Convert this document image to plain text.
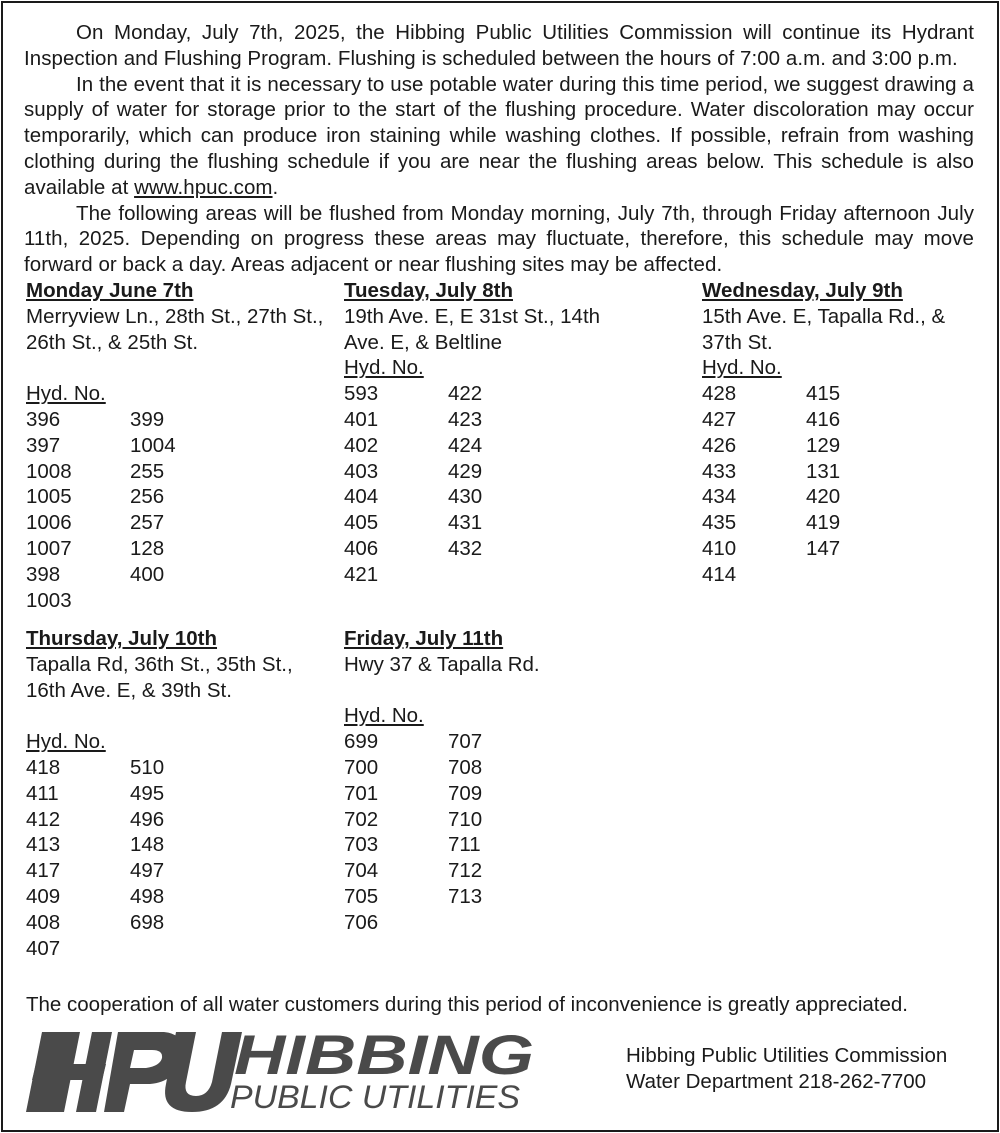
On Monday, July 7th, 2025, the Hibbing Public Utilities Commission will continue its Hydrant Inspection and Flushing Program. Flushing is scheduled between the hours of 7:00 a.m. and 3:00 p.m.

In the event that it is necessary to use potable water during this time period, we suggest drawing a supply of water for storage prior to the start of the flushing procedure. Water discoloration may occur temporarily, which can produce iron staining while washing clothes. If possible, refrain from washing clothing during the flushing schedule if you are near the flushing areas below. This schedule is also available at www.hpuc.com.

The following areas will be flushed from Monday morning, July 7th, through Friday afternoon July 11th, 2025. Depending on progress these areas may fluctuate, therefore, this schedule may move forward or back a day. Areas adjacent or near flushing sites may be affected.

Monday June 7th

Merryview Ln., 28th St., 27th St., 26th St., & 25th St.

Hyd. No.
396	399
397	1004
1008	255
1005	256
1006	257
1007	128
398	400
1003
Tuesday, July 8th

19th Ave. E, E 31st St., 14th Ave. E, & Beltline

Hyd. No.
593	422
401	423
402	424
403	429
404	430
405	431
406	432
421
Wednesday, July 9th

15th Ave. E, Tapalla Rd., & 37th St.

Hyd. No.
428	415
427	416
426	129
433	131
434	420
435	419
410	147
414
Thursday, July 10th

Tapalla Rd, 36th St., 35th St., 16th Ave. E, & 39th St.

Hyd. No.
418	510
411	495
412	496
413	148
417	497
409	498
408	698
407
Friday, July 11th

Hwy 37 & Tapalla Rd.

Hyd. No.
699	707
700	708
701	709
702	710
703	711
704	712
705	713
706

The cooperation of all water customers during this period of inconvenience is greatly appreciated.

HIBBING
PUBLIC UTILITIES
Hibbing Public Utilities Commission
Water Department 218-262-7700
